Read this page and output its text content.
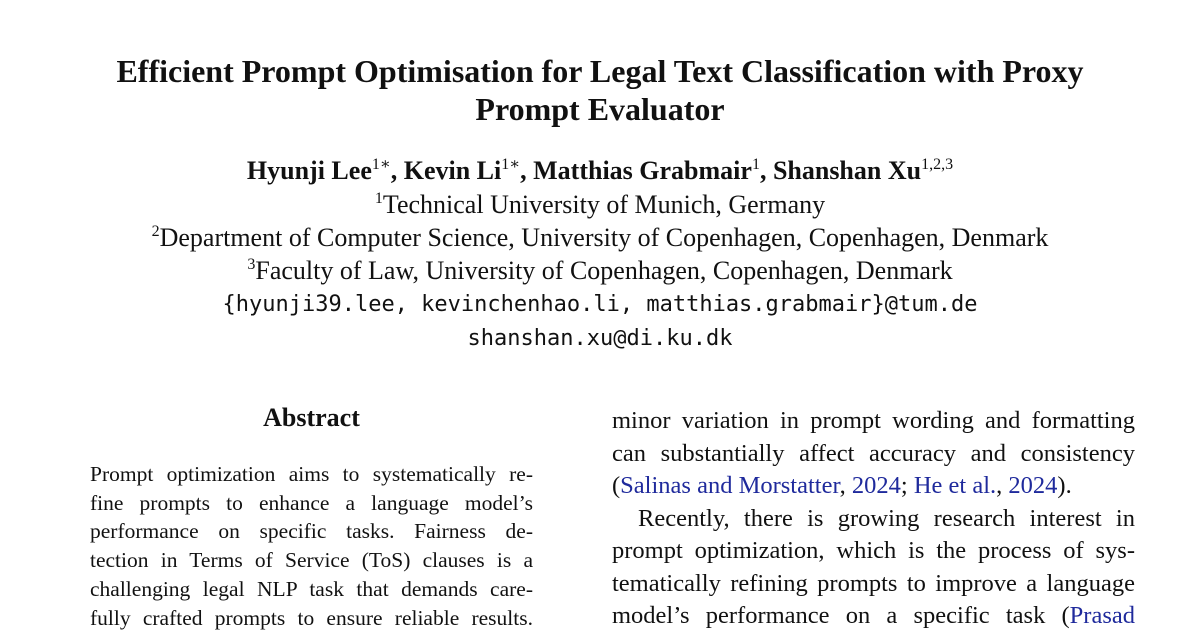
Efficient Prompt Optimisation for Legal Text Classification with Proxy
Prompt Evaluator
Hyunji Lee$^{1∗}$, Kevin $Li^{1∗}$, Matthias Grabmair$^1$, Shanshan Xu$^{1,2,3}$
$^1$Technical University of Munich, Germany
$^2$Department of Computer Science, University of Copenhagen, Copenhagen, Denmark
$^3$Faculty of Law, University of Copenhagen, Copenhagen, Denmark
{hyunji39.lee, kevinchenhao.li, matthias.grabmair}@tum.de
shanshan.xu@di.ku.dk
Abstract
Prompt optimization aims to systematically re-
fine prompts to enhance a language model’s
performance on specific tasks. Fairness de-
tection in Terms of Service (ToS) clauses is a
challenging legal NLP task that demands care-
fully crafted prompts to ensure reliable results.
minor variation in prompt wording and formatting
can substantially affect accuracy and consistency
(Salinas and Morstatter, 2024; He et al., 2024).
Recently, there is growing research interest in
prompt optimization, which is the process of sys-
tematically refining prompts to improve a language
model’s performance on a specific task (Prasad
